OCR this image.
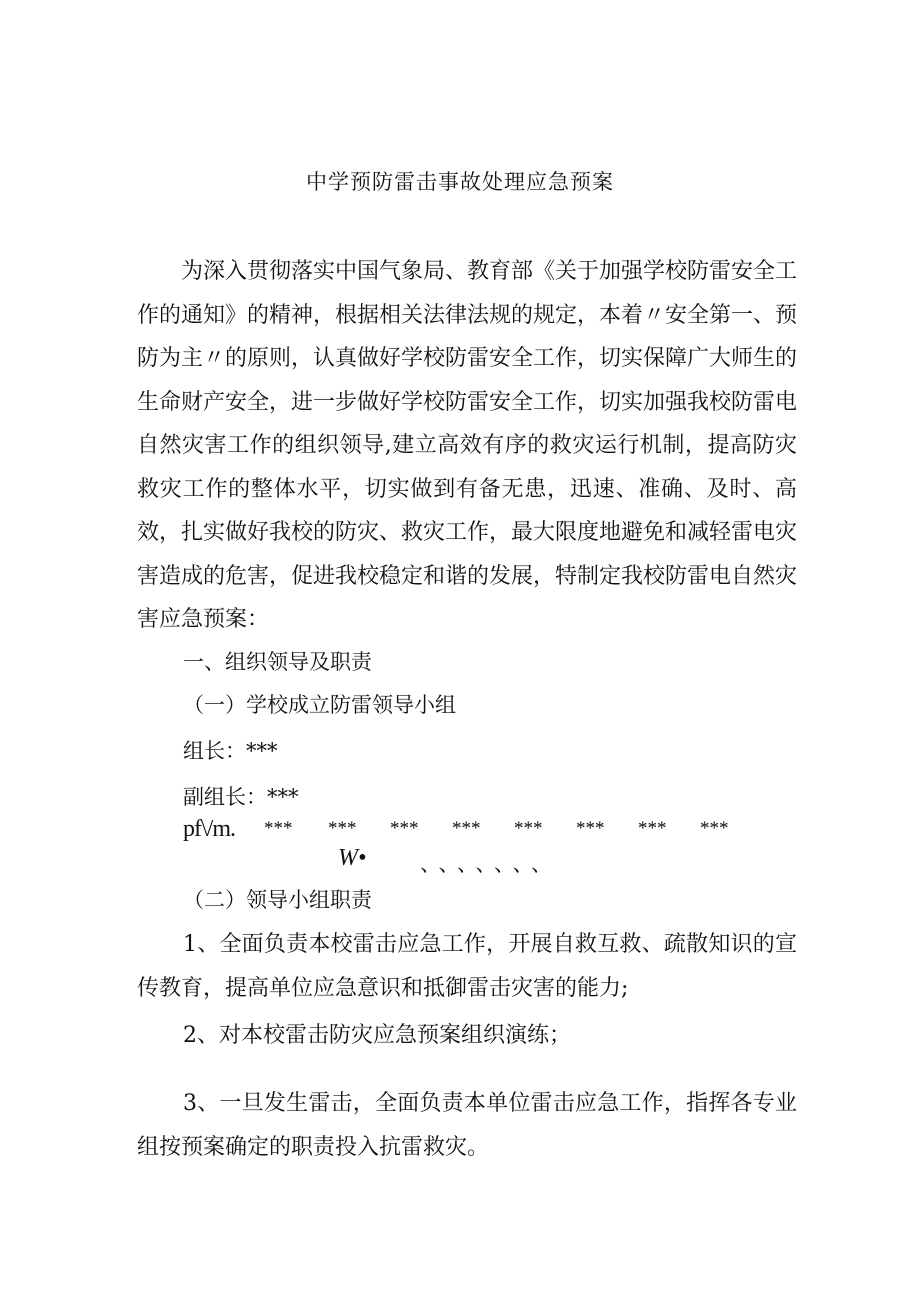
中学预防雷击事故处理应急预案
为深入贯彻落实中国气象局、教育部《关于加强学校防雷安全工作的通知》的精神，根据相关法律法规的规定，本着〃安全第一、预防为主〃的原则，认真做好学校防雷安全工作，切实保障广大师生的生命财产安全，进一步做好学校防雷安全工作，切实加强我校防雷电自然灾害工作的组织领导,建立高效有序的救灾运行机制，提高防灾救灾工作的整体水平，切实做到有备无患，迅速、准确、及时、高效，扎实做好我校的防灾、救灾工作，最大限度地避免和减轻雷电灾害造成的危害，促进我校稳定和谐的发展，特制定我校防雷电自然灾害应急预案：
一、组织领导及职责
（一）学校成立防雷领导小组
组长：***
副组长：***
pf\/m.
W•
*** *** *** *** *** *** *** ***
、、、、、、、
（二）领导小组职责
1、全面负责本校雷击应急工作，开展自救互救、疏散知识的宣传教育，提高单位应急意识和抵御雷击灾害的能力;
2、对本校雷击防灾应急预案组织演练；
3、一旦发生雷击，全面负责本单位雷击应急工作，指挥各专业组按预案确定的职责投入抗雷救灾。
